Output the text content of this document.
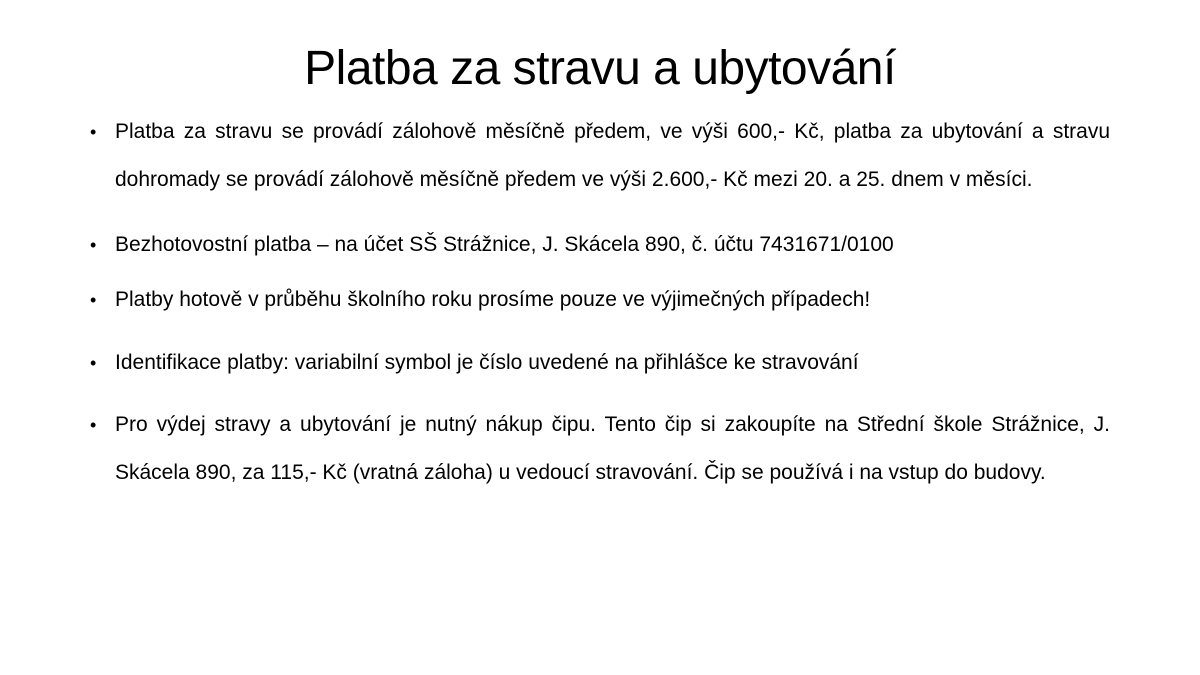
Platba za stravu a ubytování
• Platba za stravu se provádí zálohově měsíčně předem, ve výši 600,- Kč, platba za ubytování a stravu dohromady se provádí zálohově měsíčně předem ve výši 2.600,- Kč mezi 20. a 25. dnem v měsíci.
• Bezhotovostní platba – na účet SŠ Strážnice, J. Skácela 890, č. účtu 7431671/0100
• Platby hotově v průběhu školního roku prosíme pouze ve výjimečných případech!
• Identifikace platby: variabilní symbol je číslo uvedené na přihlášce ke stravování
• Pro výdej stravy a ubytování je nutný nákup čipu. Tento čip si zakoupíte na Střední škole Strážnice, J. Skácela 890, za 115,- Kč (vratná záloha) u vedoucí stravování. Čip se používá i na vstup do budovy.
